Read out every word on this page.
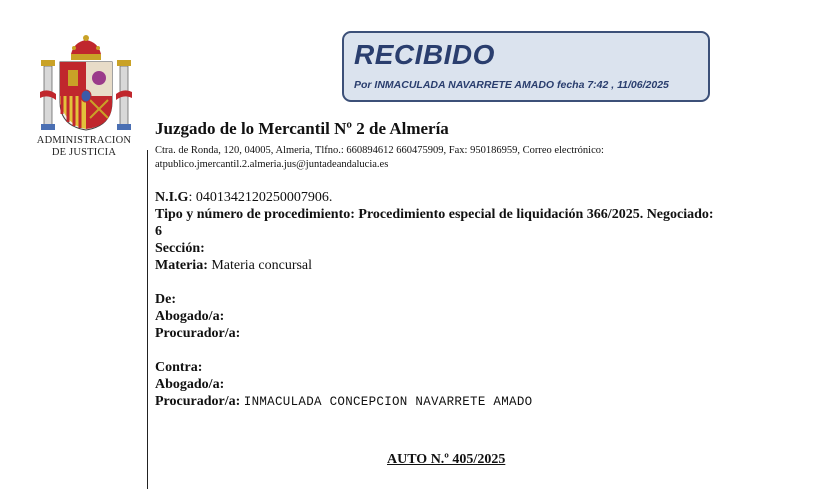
ADMINISTRACION
DE JUSTICIA
RECIBIDO
Por INMACULADA NAVARRETE AMADO fecha 7:42 , 11/06/2025
Juzgado de lo Mercantil Nº 2 de Almería
Ctra. de Ronda, 120, 04005, Almeria, Tlfno.: 660894612 660475909, Fax: 950186959, Correo electrónico:
atpublico.jmercantil.2.almeria.jus@juntadeandalucia.es
N.I.G: 0401342120250007906.
Tipo y número de procedimiento: Procedimiento especial de liquidación 366/2025. Negociado:
6
Sección:
Materia: Materia concursal
De:
Abogado/a:
Procurador/a:
Contra:
Abogado/a:
Procurador/a: INMACULADA CONCEPCION NAVARRETE AMADO
AUTO N.º 405/2025
